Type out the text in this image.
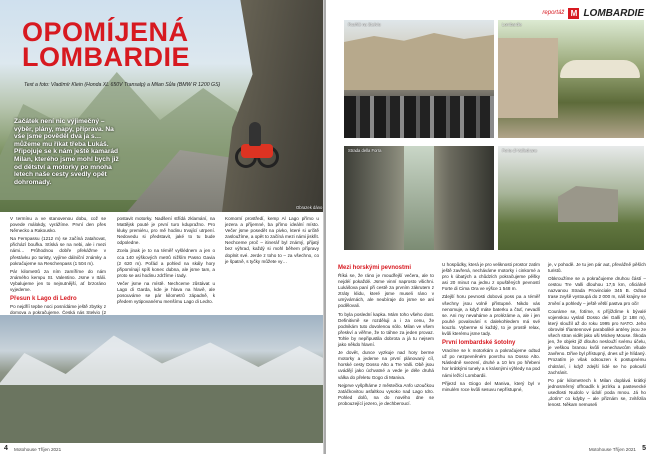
OPOMÍJENÁ
LOMBARDIE
Text a foto: Vladimír Klein (Honda XL 650V Transalp) a Milan Sůla (BMW R 1200 GS)
Začátek není nic výjimečný – výběr, plány, mapy, příprava. Na vše jsme pověděl dva ja s… můžeme mu říkat třeba Lukáš. Připojuje se k nám ještě kamarád Milan, kterého jsme mohl bych již od dětství a motorky po mnoha letech naše cesty svedly opět dohromady.
Obrazek dáno

V termínu a ve stanovenou dobu, což se povede málokdy, vyrážíme. První den přes Německo a Rakousko.

Na Fernpassu (1212 m) se začíná zatahovat, přichází bouřka. Stíská se na nebi, ale i mezi námi… Průhodnou dobře překážme v přestávku po turisty, vyjíme dálniční známky a pokračujeme na Reschenpass (1 504 m).

Pár kilometrů za ním zamíříme do nám známého kempu St. Valentino. Jsme v Itálii. Vybalujeme jen to nejnutnější, ať brzoráno vyjedeme.

Přesun k Lago di Ledro

Po nejdříí tepbe noci posnídáme ještě zbytky z domova a pokračujeme. Česká nás Stelvio (2

postavit motorky. Nadšení střídá zklamání, na Mattějsk pouté je první turo kdupražno. Pro kluky premiéru, pro mě hodinu trvající utrpení. Nedovedu si představit, jaké to tu bude odpoledne.

Zcela jinak je to na téměř vyšlédnem a jen o cca 140 výškových metrů nižším Passo Gavia (2 620 m). Pořád a pohled na skály hory připomínají spíš konec dubna, ale jsme tam, a proto se asi hodinu zdržíme i tady.

Večer jsme na místě. Nechceme zůstávat u Lago di Garda, kde je hlava na hlavě, ale posouváme se pár kilometrů západně, k předem vytipovanému menšímu Lago di Ledro.

Komorní prostředí, kemp Al Lago přímo u jezera a příjemné, ba přímo ideální místo. Večer jsme posedět na pivko, které si určitě zasloužíme, a opět to začíná mezi námi jiskřit. Nechceme proč – itinerář byl známý, přijatý bez výhrad, každý si mohl během přípravy doplnit své. Jerde z toho to – za všechno, co je špatně, s tyčky můžete vy…

4 Motohouse Tříjen 2021
reportáž M LOMBARDIE
Rozhlé na Stelviu	Lombardie
Strada della Forra	Forte di Valledrane
Mezi horskými pevnostmi

Říká se, že ráno je moudřejší večera, ale to nejdéí pokaždé. Jsme vinní naprosto všichni. Lukášova paní při cestě za prvním zákrutem z ztráty klidu, které jsme museli ráno v umývárnách, ale neubíraje do jsme se ani podělovali.

To byla poslední kapka. Mám toho všeho dost. Definitivně se rozděluji a i za cenu, že podnikám tuto dovolenou sólo. Milan ve všem přeskví a věřme, že to táhne za jeden provaz. Tohle by nepřipustila dobrota a já tu nejsem jako někdo hlavní.

Je dovět, dunce vyzkuje nad hory berme motorky a jedeme na první plánovaný cíl, horské cesty Dosso Alto a Tre Valli. Obě jsou uvádějí jako úchvatné a vede je déle druhá válka do přeletu Gogo di Maniva.

Nejprve vyšplháme z městečka Anfo uzoučkou zatáčkovitou asfaltkou vysoko nad Lago Idro. Pohled dolů, na do nového dne se probouzející jezero, je dechberoucí.

U hospůdky, která je pro veliknosti prostor zatím ještě zavřená, necháváme motorky i cinkorné a pro k úbatých a chůdzích pokračujeme pěšky asi 20 minut na jednu z opuštěných pevností Forte di Cima Ora ve výšce 1 548 m.

Zdejší horu pevnosti dobová poss pa a téměř všechny jsou volně přístupné. Nikdo vás nenomuje, a když máte baterku a čtuť, nevadlí se. Ani my nevaháme a prolézáme a, ale i jen pouhé povalování s dalekohledem má své kouzlo. Vyberme si každý, to je prostě relax, kvůli kterému jsme tady.

První lombardské šotolny

Vracíme se k motorkám a pokračujeme odtud už po nezpevněném povrchu na Dosso Alto. Následně svezení, druhé a 10 km po hřebeni hor krátkými tunely a s krásnými výhledy na pod námi ležící Lombardii.

Přijezd na Giogo del Maniva, který byl v minulém roce kvůli sesuvu nepřístupné,

je, v pohodě. Je tu jen pár aut, převážně pěších turistů.

Obkroužíme se a pokračujeme druhou částí – cestou Tre Valli dlouhou 17,5 km, oficiálně nazvanou Strada Provinciale 345 B. Odtud trase zvyšě vystoupá do 2 000 m, náš krajiny se změní a pohledy – ještě větší pastva pro oči!

Couráme se, fotíme, s příjíždíme k bývalé vojenskou vyslatí Dosso dei Galli (2 188 m), který sloužil až do roku 1995 pro NATO. Jeho obrovité třiantennové paraboliké antény jsou ze všech stran vidět jako uši Mickey Mouse. Škoda jen, že objekt již dlouho neslouží svému účelu, je veškou branou kvůli nenechavcům všude zavřeno. Dřive byl přístupný, dnes už je hlídaný. Prozatím je však odsouzen k postupnému chátrání, i když zdejší lidé se ho pokouší zachránit.

Po pár kilometrech k Milan doplává krátký jednosměrný offroadík k jezírku a pastevecké usedlosti Nudolo v údolí poda mnou. Já ho „dotím“ co kdyby – ale přiznám se, zvítězila lenost. Někam nemuseli

Motohouse Tříjen 2021 5
